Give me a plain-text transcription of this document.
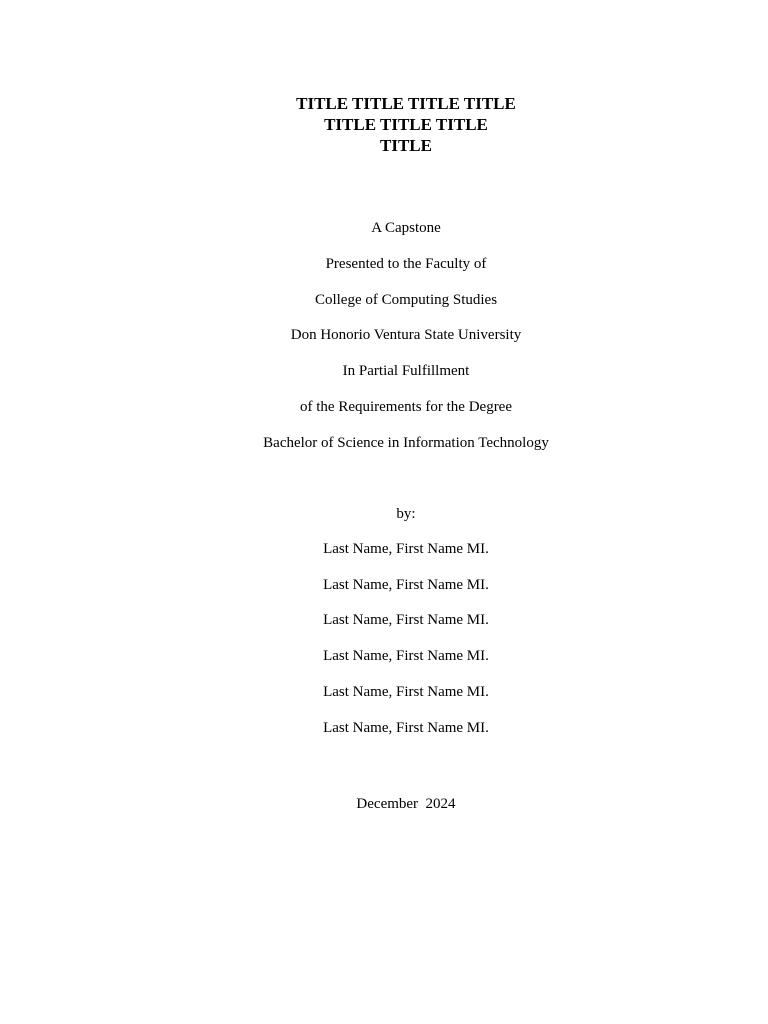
TITLE TITLE TITLE TITLE
TITLE TITLE TITLE
TITLE
A Capstone
Presented to the Faculty of
College of Computing Studies
Don Honorio Ventura State University
In Partial Fulfillment
of the Requirements for the Degree
Bachelor of Science in Information Technology
by:
Last Name, First Name MI.
Last Name, First Name MI.
Last Name, First Name MI.
Last Name, First Name MI.
Last Name, First Name MI.
Last Name, First Name MI.
December  2024
